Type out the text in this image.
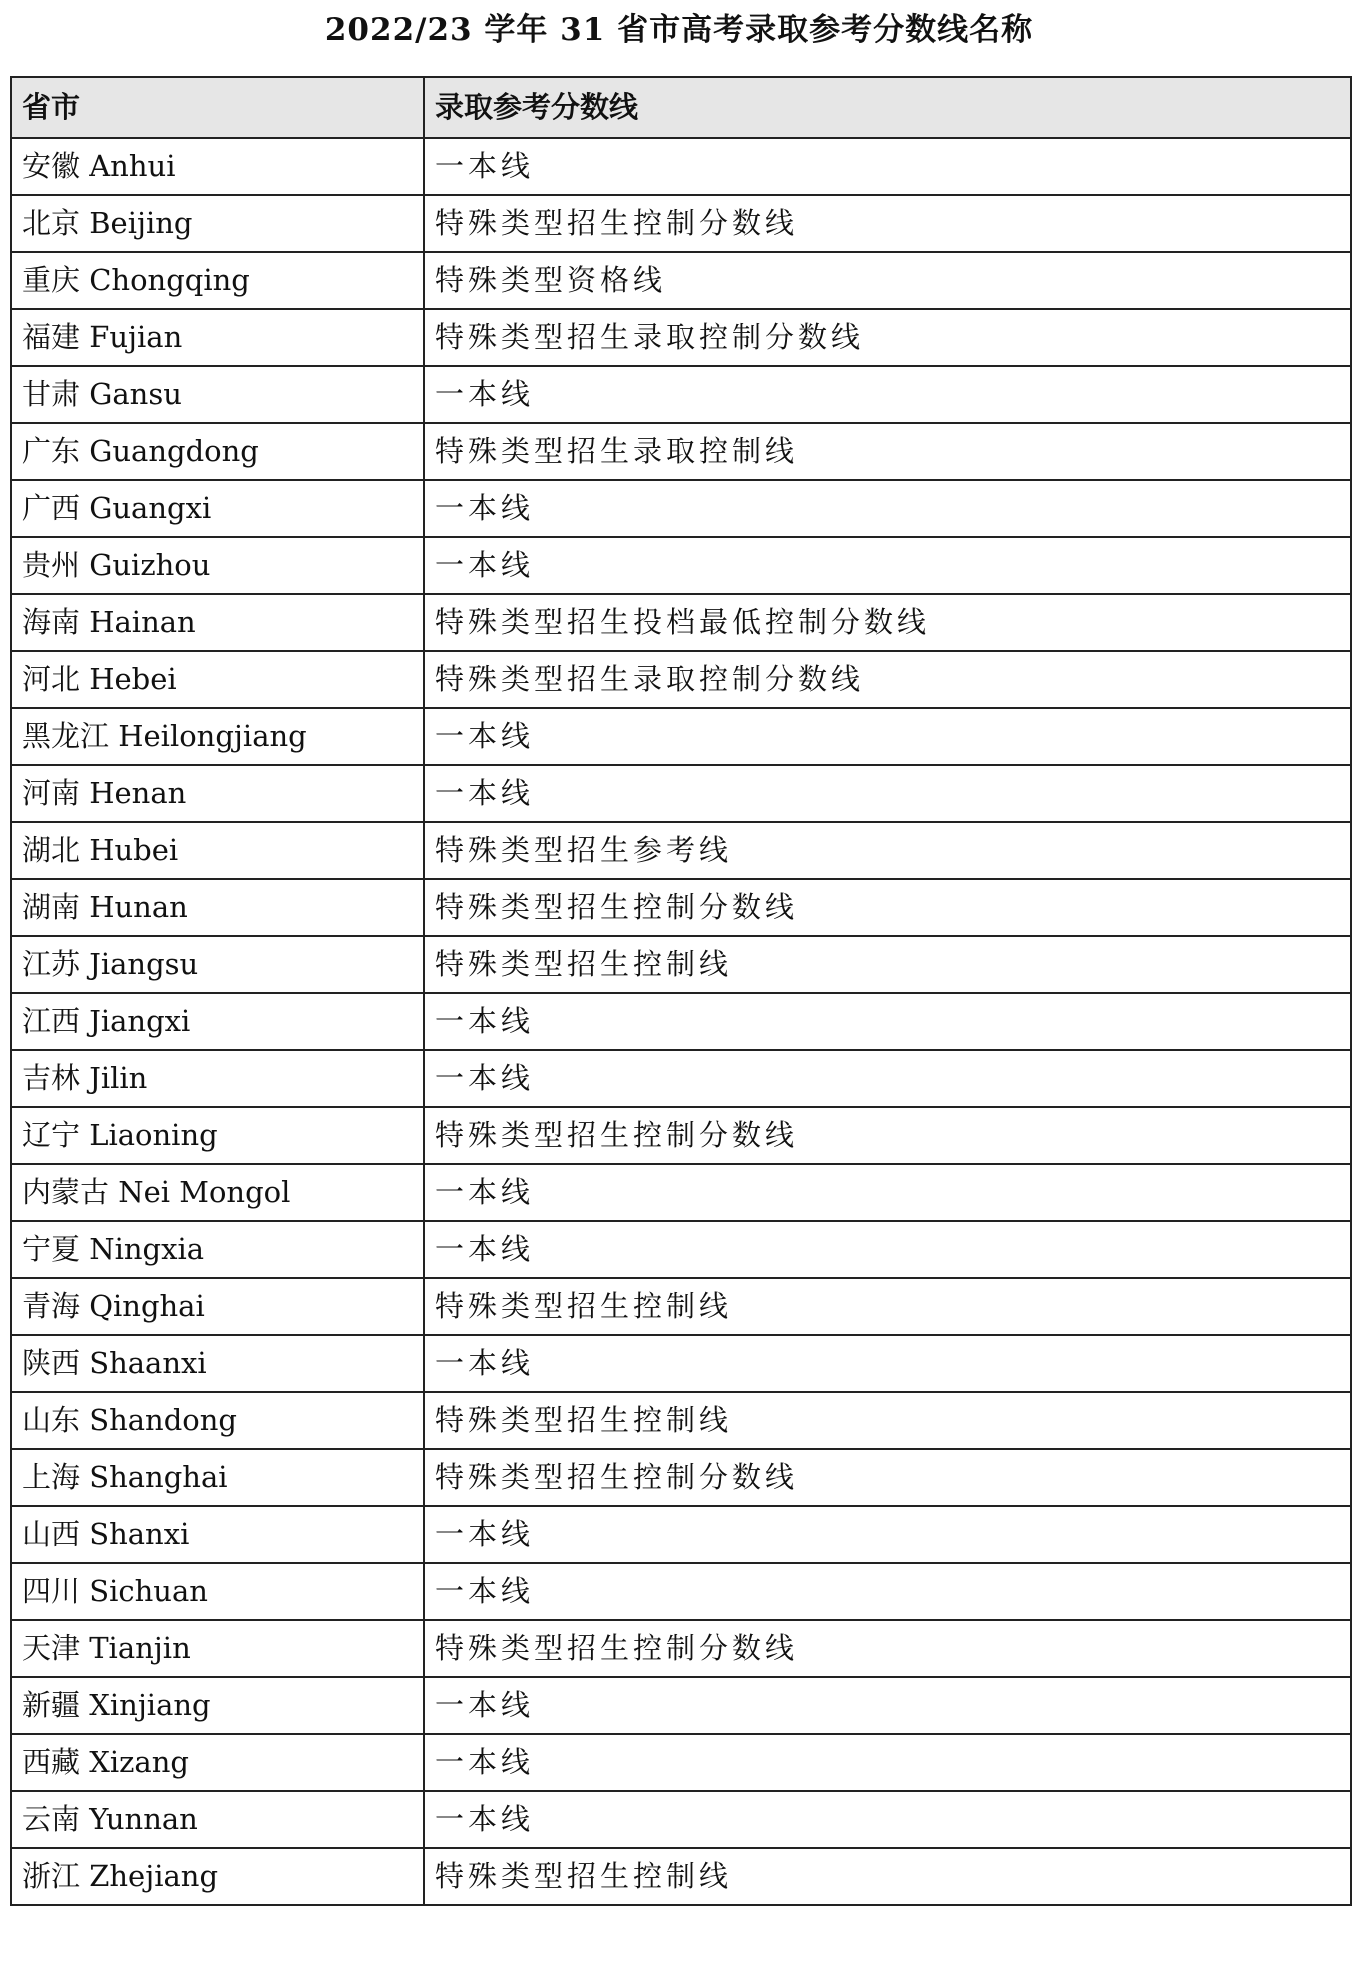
2022/23 学年 31 省市高考录取参考分数线名称
省市	录取参考分数线
安徽 Anhui	一本线
北京 Beijing	特殊类型招生控制分数线
重庆 Chongqing	特殊类型资格线
福建 Fujian	特殊类型招生录取控制分数线
甘肃 Gansu	一本线
广东 Guangdong	特殊类型招生录取控制线
广西 Guangxi	一本线
贵州 Guizhou	一本线
海南 Hainan	特殊类型招生投档最低控制分数线
河北 Hebei	特殊类型招生录取控制分数线
黑龙江 Heilongjiang	一本线
河南 Henan	一本线
湖北 Hubei	特殊类型招生参考线
湖南 Hunan	特殊类型招生控制分数线
江苏 Jiangsu	特殊类型招生控制线
江西 Jiangxi	一本线
吉林 Jilin	一本线
辽宁 Liaoning	特殊类型招生控制分数线
内蒙古 Nei Mongol	一本线
宁夏 Ningxia	一本线
青海 Qinghai	特殊类型招生控制线
陕西 Shaanxi	一本线
山东 Shandong	特殊类型招生控制线
上海 Shanghai	特殊类型招生控制分数线
山西 Shanxi	一本线
四川 Sichuan	一本线
天津 Tianjin	特殊类型招生控制分数线
新疆 Xinjiang	一本线
西藏 Xizang	一本线
云南 Yunnan	一本线
浙江 Zhejiang	特殊类型招生控制线
